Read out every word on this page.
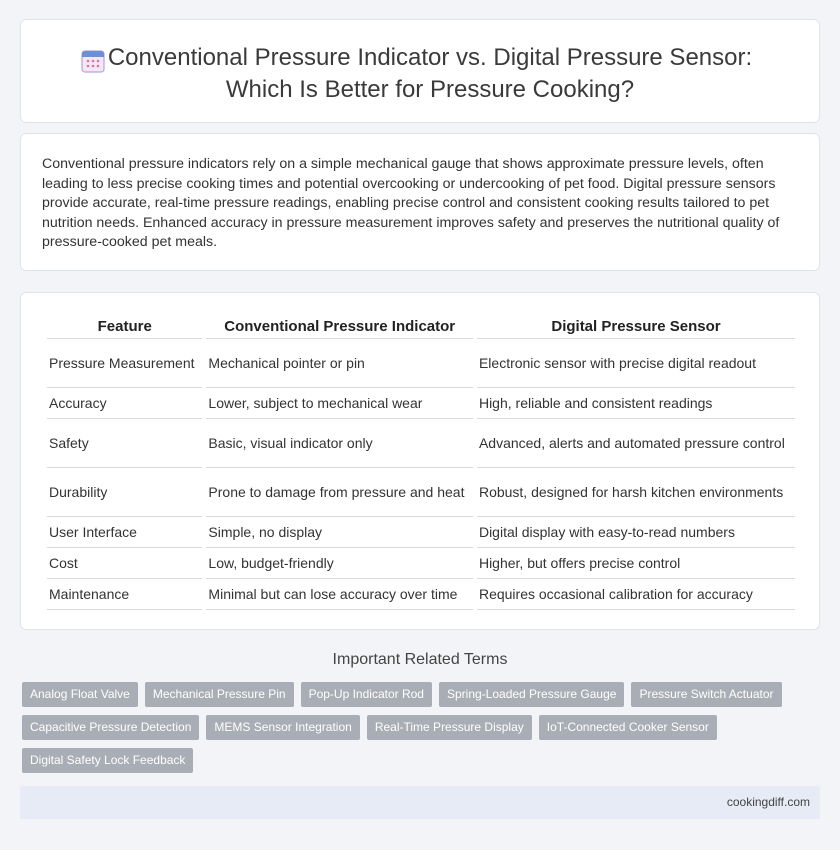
Conventional Pressure Indicator vs. Digital Pressure Sensor:
Which Is Better for Pressure Cooking?

Conventional pressure indicators rely on a simple mechanical gauge that shows approximate pressure levels, often leading to less precise cooking times and potential overcooking or undercooking of pet food. Digital pressure sensors provide accurate, real-time pressure readings, enabling precise control and consistent cooking results tailored to pet nutrition needs. Enhanced accuracy in pressure measurement improves safety and preserves the nutritional quality of pressure-cooked pet meals.

Feature	Conventional Pressure Indicator	Digital Pressure Sensor
Pressure Measurement	Mechanical pointer or pin	Electronic sensor with precise digital readout
Accuracy	Lower, subject to mechanical wear	High, reliable and consistent readings
Safety	Basic, visual indicator only	Advanced, alerts and automated pressure control
Durability	Prone to damage from pressure and heat	Robust, designed for harsh kitchen environments
User Interface	Simple, no display	Digital display with easy-to-read numbers
Cost	Low, budget-friendly	Higher, but offers precise control
Maintenance	Minimal but can lose accuracy over time	Requires occasional calibration for accuracy
Important Related Terms
Analog Float Valve	Mechanical Pressure Pin	Pop-Up Indicator Rod	Spring-Loaded Pressure Gauge	Pressure Switch Actuator
Capacitive Pressure Detection	MEMS Sensor Integration	Real-Time Pressure Display	IoT-Connected Cooker Sensor
Digital Safety Lock Feedback
cookingdiff.com
